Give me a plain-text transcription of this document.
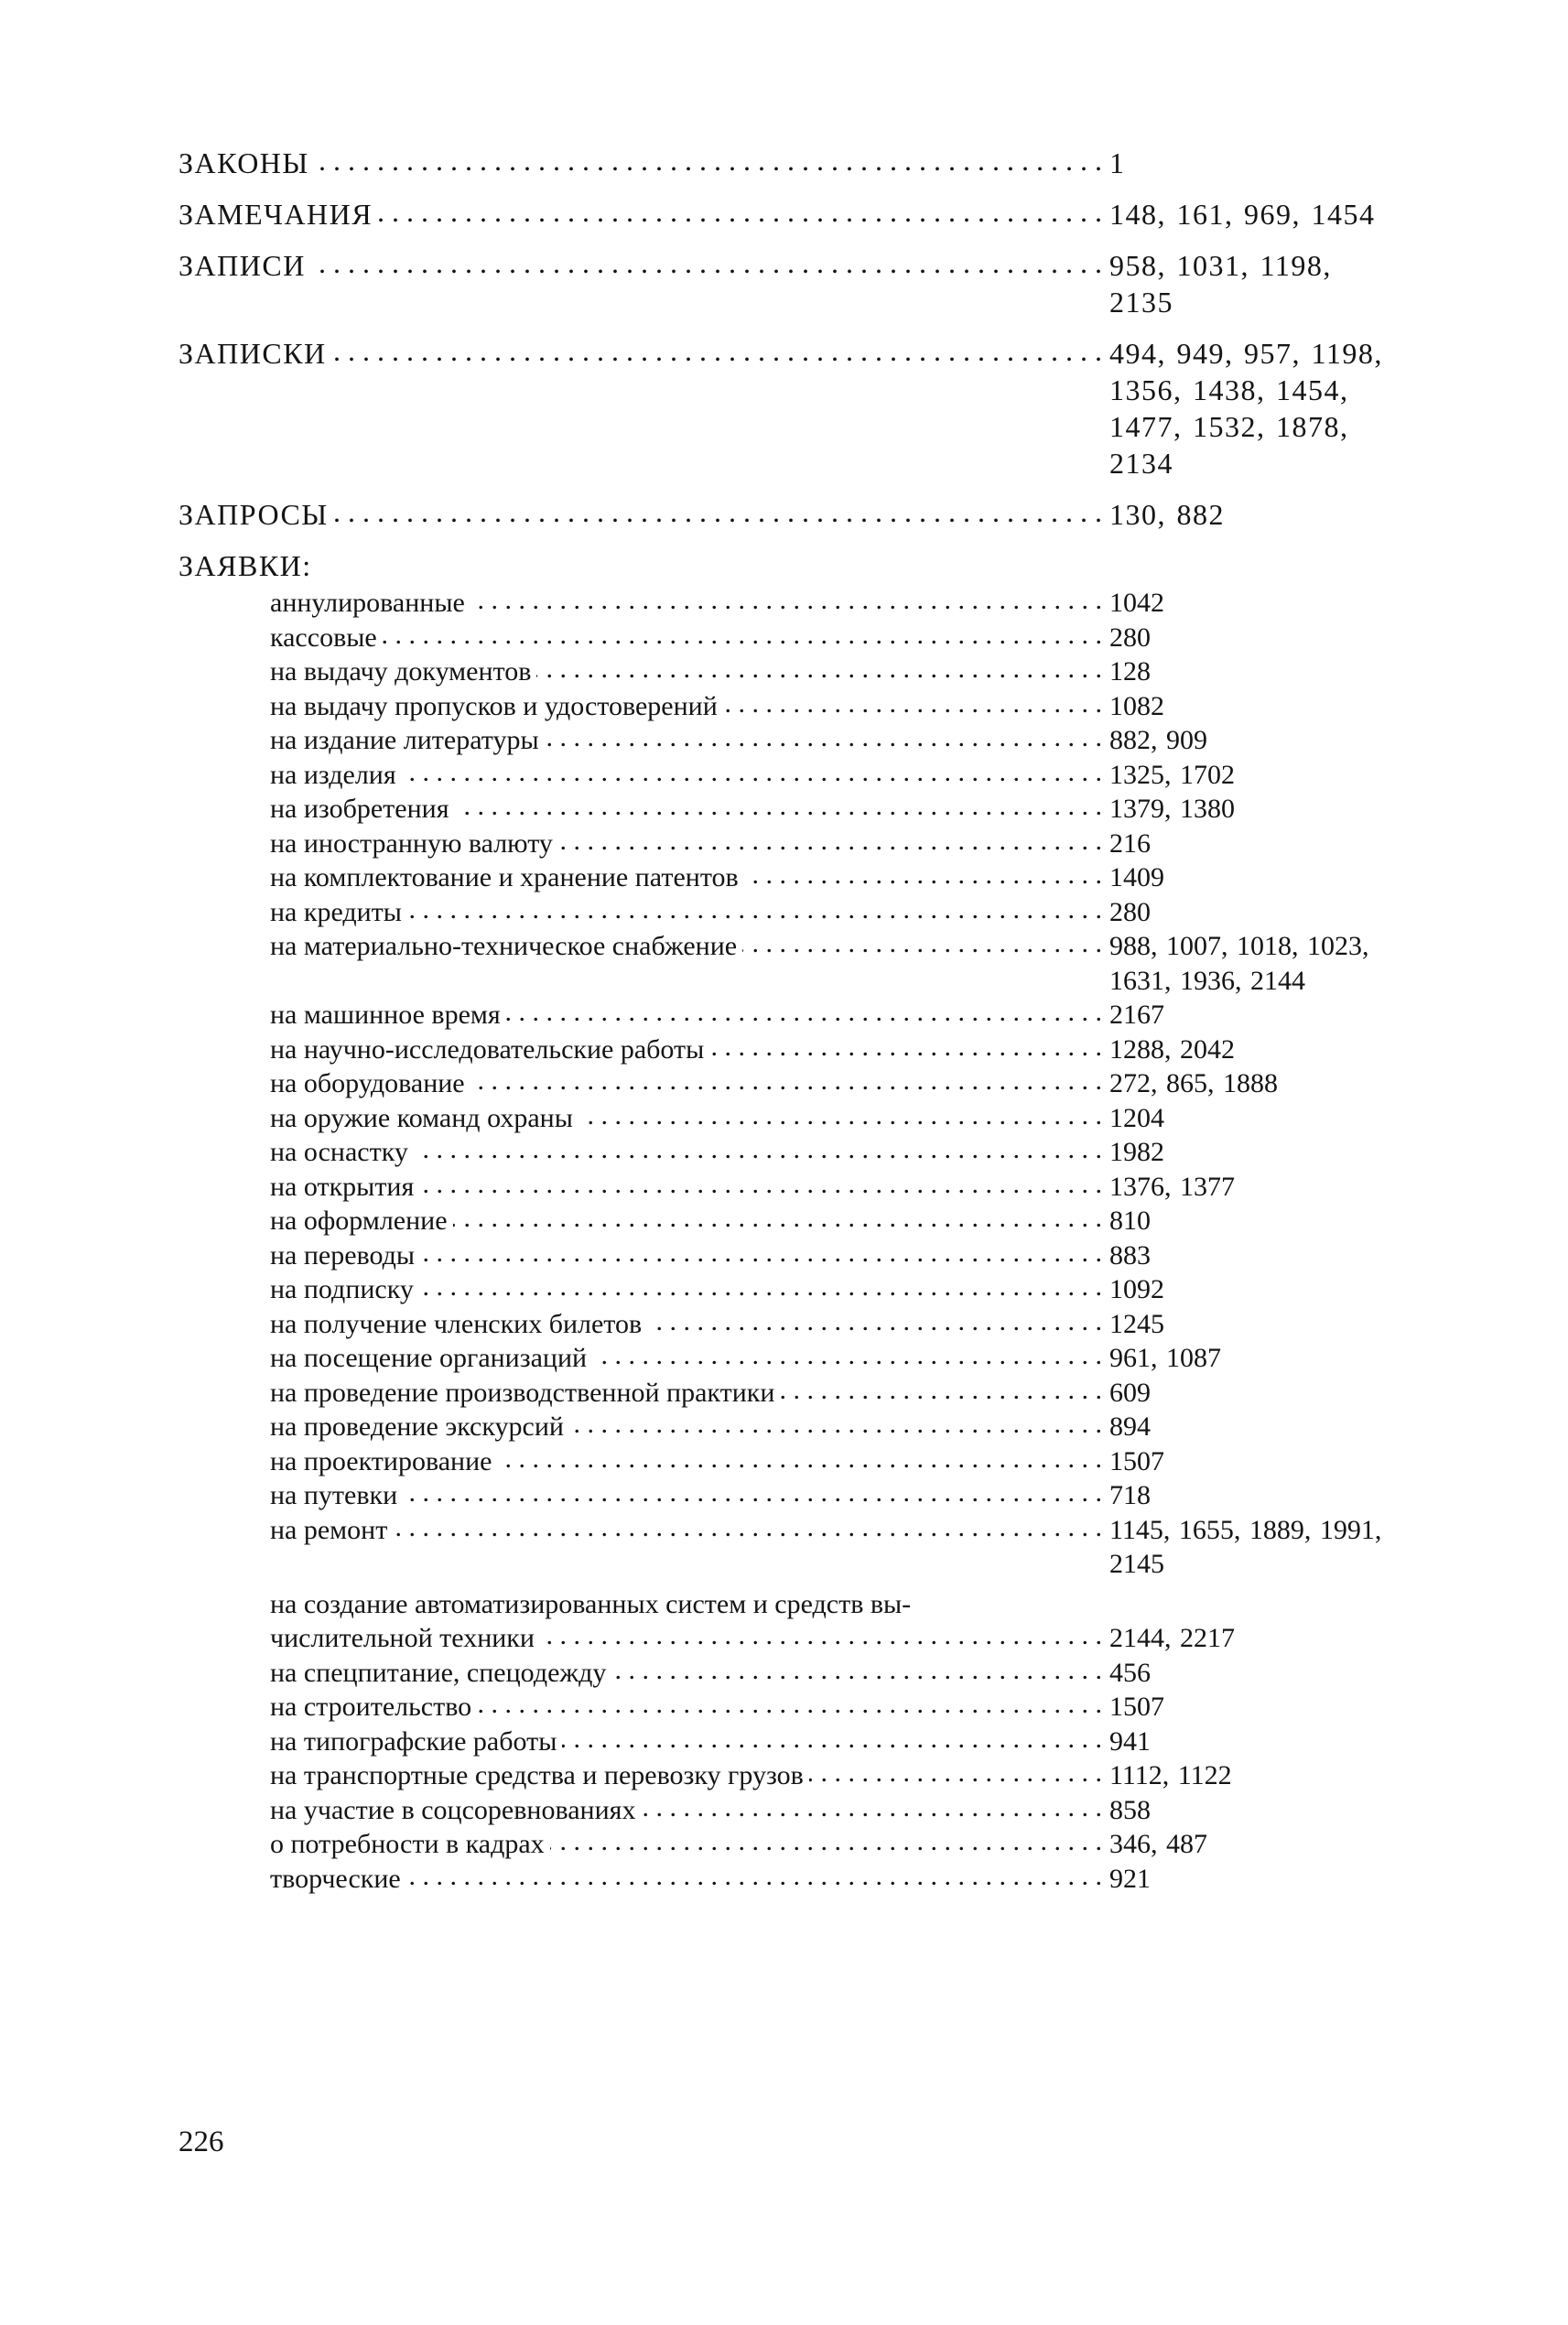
ЗАКОНЫ . . .	1
ЗАМЕЧАНИЯ . . .	148, 161, 969, 1454
ЗАПИСИ . . .	958, 1031, 1198, 2135
ЗАПИСКИ . . .	494, 949, 957, 1198, 1356, 1438, 1454, 1477, 1532, 1878, 2134
ЗАПРОСЫ . . .	130, 882
ЗАЯВКИ:
аннулированные . . .	1042
кассовые . . .	280
на выдачу документов . . .	128
на выдачу пропусков и удостоверений . . .	1082
на издание литературы . . .	882, 909
на изделия . . .	1325, 1702
на изобретения . . .	1379, 1380
на иностранную валюту . . .	216
на комплектование и хранение патентов . . .	1409
на кредиты . . .	280
на материально-техническое снабжение . . .	988, 1007, 1018, 1023, 1631, 1936, 2144
на машинное время . . .	2167
на научно-исследовательские работы . . .	1288, 2042
на оборудование . . .	272, 865, 1888
на оружие команд охраны . . .	1204
на оснастку . . .	1982
на открытия . . .	1376, 1377
на оформление . . .	810
на переводы . . .	883
на подписку . . .	1092
на получение членских билетов . . .	1245
на посещение организаций . . .	961, 1087
на проведение производственной практики . . .	609
на проведение экскурсий . . .	894
на проектирование . . .	1507
на путевки . . .	718
на ремонт . . .	1145, 1655, 1889, 1991, 2145
на создание автоматизированных систем и средств вы-
числительной техники . . .	2144, 2217
на спецпитание, спецодежду . . .	456
на строительство . . .	1507
на типографские работы . . .	941
на транспортные средства и перевозку грузов . . .	1112, 1122
на участие в соцсоревнованиях . . .	858
о потребности в кадрах . . .	346, 487
творческие . . .	921
226
